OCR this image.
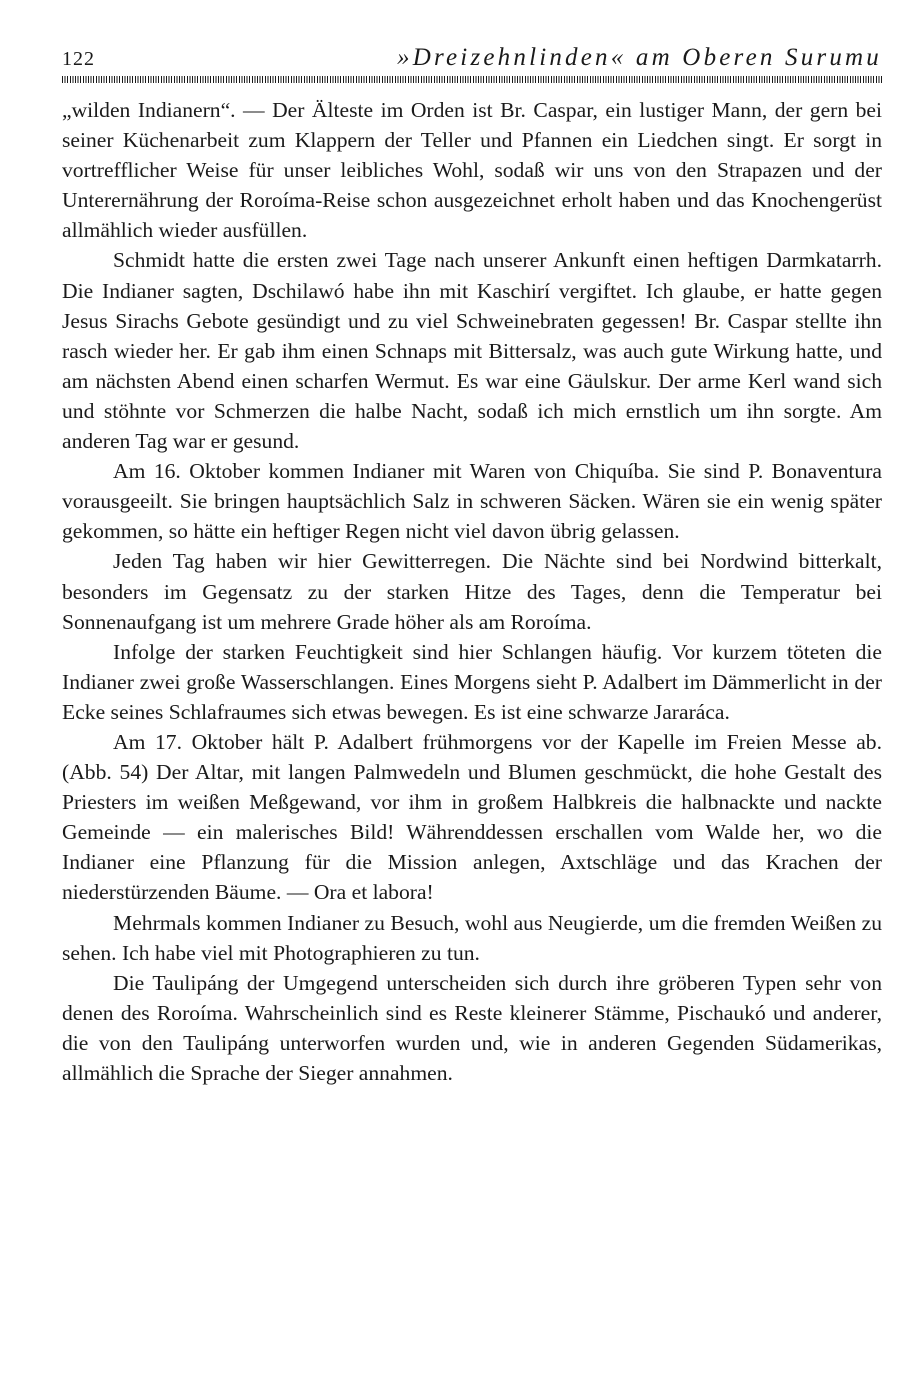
122	»Dreizehnlinden« am Oberen Surumu

„wilden Indianern“. — Der Älteste im Orden ist Br. Caspar, ein lustiger Mann, der gern bei seiner Küchenarbeit zum Klappern der Teller und Pfannen ein Liedchen singt. Er sorgt in vortrefflicher Weise für unser leibliches Wohl, sodaß wir uns von den Strapazen und der Unterernährung der Roroíma-Reise schon ausgezeichnet erholt haben und das Knochengerüst allmählich wieder ausfüllen.

Schmidt hatte die ersten zwei Tage nach unserer Ankunft einen heftigen Darmkatarrh. Die Indianer sagten, Dschilawó habe ihn mit Kaschirí vergiftet. Ich glaube, er hatte gegen Jesus Sirachs Gebote gesündigt und zu viel Schweinebraten gegessen! Br. Caspar stellte ihn rasch wieder her. Er gab ihm einen Schnaps mit Bittersalz, was auch gute Wirkung hatte, und am nächsten Abend einen scharfen Wermut. Es war eine Gäulskur. Der arme Kerl wand sich und stöhnte vor Schmerzen die halbe Nacht, sodaß ich mich ernstlich um ihn sorgte. Am anderen Tag war er gesund.

Am 16. Oktober kommen Indianer mit Waren von Chiquíba. Sie sind P. Bonaventura vorausgeeilt. Sie bringen hauptsächlich Salz in schweren Säcken. Wären sie ein wenig später gekommen, so hätte ein heftiger Regen nicht viel davon übrig gelassen.

Jeden Tag haben wir hier Gewitterregen. Die Nächte sind bei Nordwind bitterkalt, besonders im Gegensatz zu der starken Hitze des Tages, denn die Temperatur bei Sonnenaufgang ist um mehrere Grade höher als am Roroíma.

Infolge der starken Feuchtigkeit sind hier Schlangen häufig. Vor kurzem töteten die Indianer zwei große Wasserschlangen. Eines Morgens sieht P. Adalbert im Dämmerlicht in der Ecke seines Schlafraumes sich etwas bewegen. Es ist eine schwarze Jararáca.

Am 17. Oktober hält P. Adalbert frühmorgens vor der Kapelle im Freien Messe ab. (Abb. 54) Der Altar, mit langen Palmwedeln und Blumen geschmückt, die hohe Gestalt des Priesters im weißen Meßgewand, vor ihm in großem Halbkreis die halbnackte und nackte Gemeinde — ein malerisches Bild! Währenddessen erschallen vom Walde her, wo die Indianer eine Pflanzung für die Mission anlegen, Axtschläge und das Krachen der niederstürzenden Bäume. — Ora et labora!

Mehrmals kommen Indianer zu Besuch, wohl aus Neugierde, um die fremden Weißen zu sehen. Ich habe viel mit Photographieren zu tun.

Die Taulipáng der Umgegend unterscheiden sich durch ihre gröberen Typen sehr von denen des Roroíma. Wahrscheinlich sind es Reste kleinerer Stämme, Pischaukó und anderer, die von den Taulipáng unterworfen wurden und, wie in anderen Gegenden Südamerikas, allmählich die Sprache der Sieger annahmen.
